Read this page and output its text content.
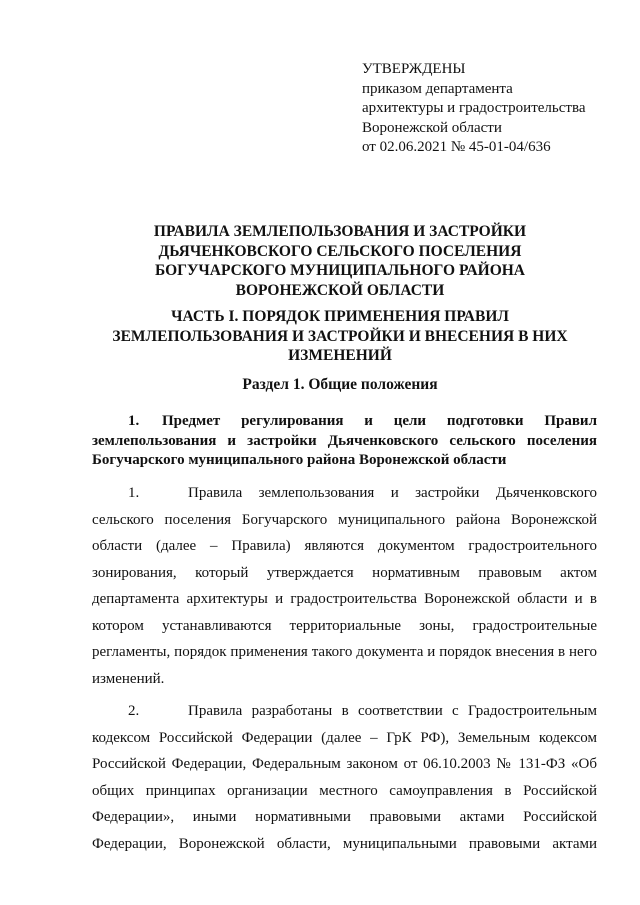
УТВЕРЖДЕНЫ
приказом департамента
архитектуры и градостроительства
Воронежской области
от 02.06.2021 № 45-01-04/636
ПРАВИЛА ЗЕМЛЕПОЛЬЗОВАНИЯ И ЗАСТРОЙКИ
ДЬЯЧЕНКОВСКОГО СЕЛЬСКОГО ПОСЕЛЕНИЯ
БОГУЧАРСКОГО МУНИЦИПАЛЬНОГО РАЙОНА
ВОРОНЕЖСКОЙ ОБЛАСТИ
ЧАСТЬ I. ПОРЯДОК ПРИМЕНЕНИЯ ПРАВИЛ
ЗЕМЛЕПОЛЬЗОВАНИЯ И ЗАСТРОЙКИ И ВНЕСЕНИЯ В НИХ
ИЗМЕНЕНИЙ
Раздел 1. Общие положения
1. Предмет регулирования и цели подготовки Правил землепользования и застройки Дьяченковского сельского поселения Богучарского муниципального района Воронежской области

1.	Правила землепользования и застройки Дьяченковского сельского поселения Богучарского муниципального района Воронежской области (далее – Правила) являются документом градостроительного зонирования, который утверждается нормативным правовым актом департамента архитектуры и градостроительства Воронежской области и в котором устанавливаются территориальные зоны, градостроительные регламенты, порядок применения такого документа и порядок внесения в него изменений.

2.	Правила разработаны в соответствии с Градостроительным кодексом Российской Федерации (далее – ГрК РФ), Земельным кодексом Российской Федерации, Федеральным законом от 06.10.2003 № 131-ФЗ «Об общих принципах организации местного самоуправления в Российской Федерации», иными нормативными правовыми актами Российской Федерации, Воронежской области, муниципальными правовыми актами
